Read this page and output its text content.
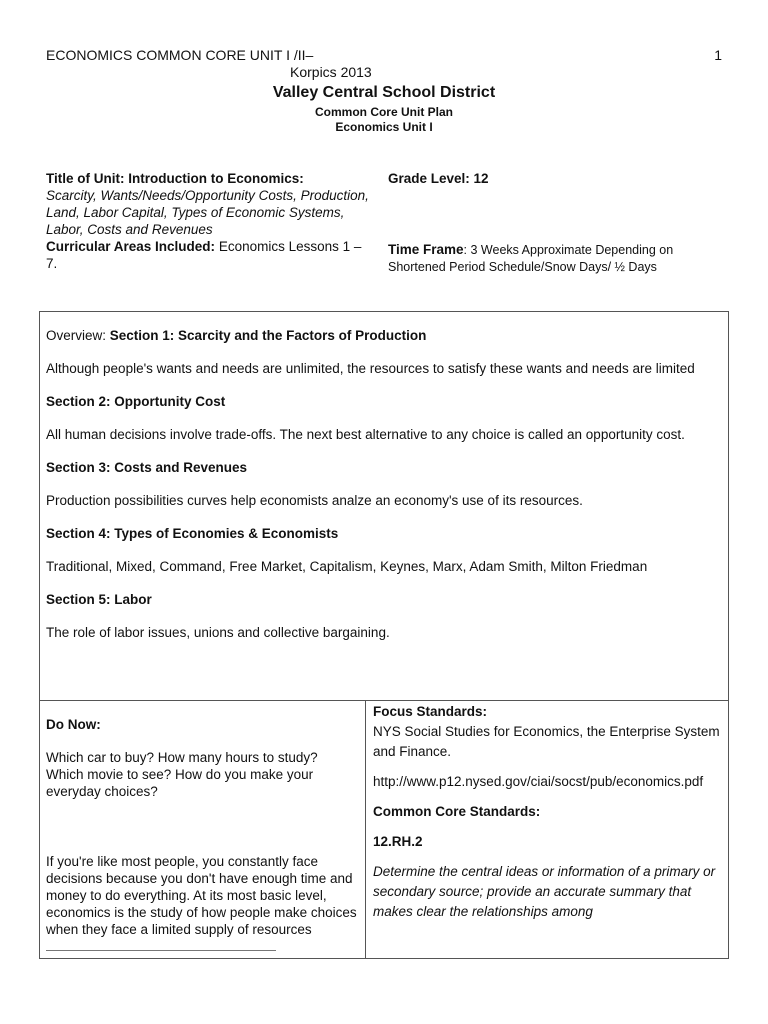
ECONOMICS COMMON CORE UNIT I /II–
Korpics 2013
1
Valley Central School District
Common Core Unit Plan
Economics Unit I
Title of Unit: Introduction to Economics:
Scarcity, Wants/Needs/Opportunity Costs, Production, Land, Labor Capital, Types of Economic Systems, Labor, Costs and Revenues
Curricular Areas Included: Economics Lessons 1 – 7.
Grade Level: 12
Time Frame: 3 Weeks Approximate Depending on Shortened Period Schedule/Snow Days/ ½ Days

Overview: Section 1: Scarcity and the Factors of Production

Although people's wants and needs are unlimited, the resources to satisfy these wants and needs are limited

Section 2: Opportunity Cost

All human decisions involve trade-offs. The next best alternative to any choice is called an opportunity cost.

Section 3: Costs and Revenues

Production possibilities curves help economists analze an economy's use of its resources.

Section 4: Types of Economies & Economists

Traditional, Mixed, Command, Free Market, Capitalism, Keynes, Marx, Adam Smith, Milton Friedman

Section 5: Labor

The role of labor issues, unions and collective bargaining.

Do Now:

Which car to buy? How many hours to study? Which movie to see? How do you make your everyday choices?

If you're like most people, you constantly face decisions because you don't have enough time and money to do everything. At its most basic level, economics is the study of how people make choices when they face a limited supply of resources
Focus Standards:

NYS Social Studies for Economics, the Enterprise System and Finance.

http://www.p12.nysed.gov/ciai/socst/pub/economics.pdf

Common Core Standards:

12.RH.2

Determine the central ideas or information of a primary or secondary source; provide an accurate summary that makes clear the relationships among
